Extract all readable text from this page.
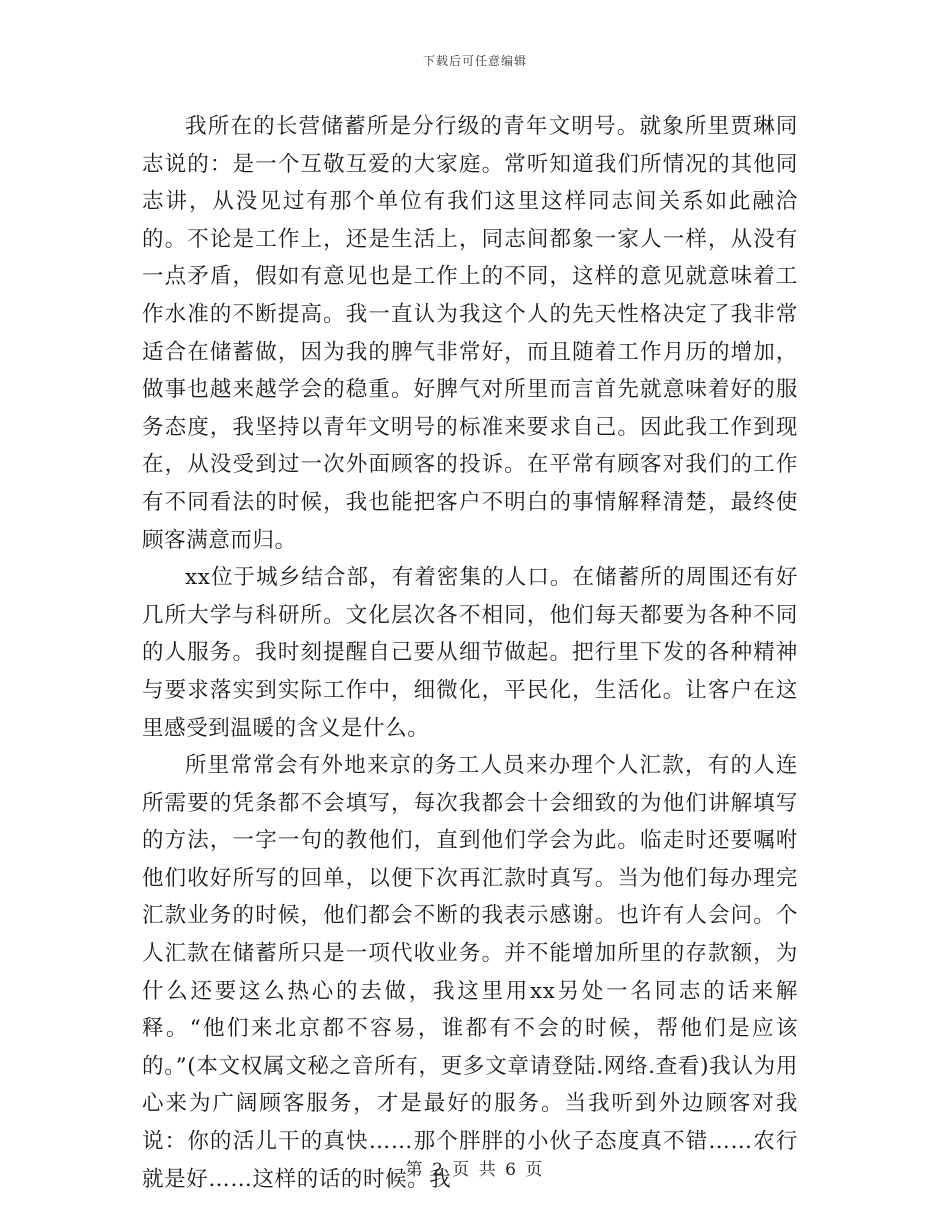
下载后可任意编辑

我所在的长营储蓄所是分行级的青年文明号。就象所里贾琳同志说的：是一个互敬互爱的大家庭。常听知道我们所情况的其他同志讲，从没见过有那个单位有我们这里这样同志间关系如此融洽的。不论是工作上，还是生活上，同志间都象一家人一样，从没有一点矛盾，假如有意见也是工作上的不同，这样的意见就意味着工作水准的不断提高。我一直认为我这个人的先天性格决定了我非常适合在储蓄做，因为我的脾气非常好，而且随着工作月历的增加，做事也越来越学会的稳重。好脾气对所里而言首先就意味着好的服务态度，我坚持以青年文明号的标准来要求自己。因此我工作到现在，从没受到过一次外面顾客的投诉。在平常有顾客对我们的工作有不同看法的时候，我也能把客户不明白的事情解释清楚，最终使顾客满意而归。

xx位于城乡结合部，有着密集的人口。在储蓄所的周围还有好几所大学与科研所。文化层次各不相同，他们每天都要为各种不同的人服务。我时刻提醒自己要从细节做起。把行里下发的各种精神与要求落实到实际工作中，细微化，平民化，生活化。让客户在这里感受到温暖的含义是什么。

所里常常会有外地来京的务工人员来办理个人汇款，有的人连所需要的凭条都不会填写，每次我都会十会细致的为他们讲解填写的方法，一字一句的教他们，直到他们学会为此。临走时还要嘱咐他们收好所写的回单，以便下次再汇款时真写。当为他们每办理完汇款业务的时候，他们都会不断的我表示感谢。也许有人会问。个人汇款在储蓄所只是一项代收业务。并不能增加所里的存款额，为什么还要这么热心的去做，我这里用xx另处一名同志的话来解释。“他们来北京都不容易，谁都有不会的时候，帮他们是应该的。”(本文权属文秘之音所有，更多文章请登陆.网络.查看)我认为用心来为广阔顾客服务，才是最好的服务。当我听到外边顾客对我说：你的活儿干的真快……那个胖胖的小伙子态度真不错……农行就是好……这样的话的时候。我

第 2 页 共 6 页
